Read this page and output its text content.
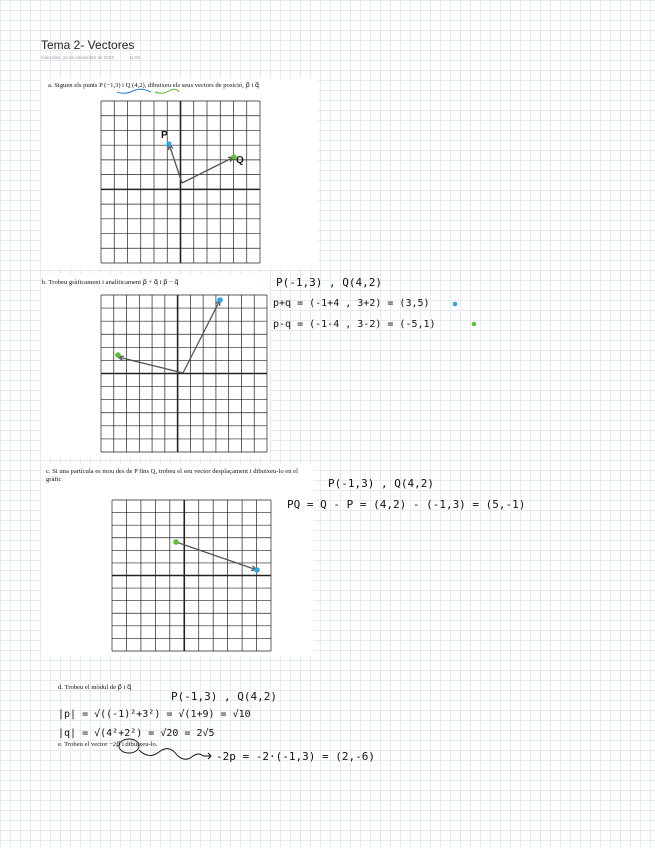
Tema 2- Vectores
miércoles, 15 de noviembre de 2023	11:03
a. Siguen els punts P (−1,3) i Q (4,2), dibuixeu els seus vectors de posició, p⃗ i q⃗
P
Q
b. Trobeu gràficament i analíticament p⃗ + q⃗ i p⃗ − q⃗	P(-1,3) , Q(4,2)
p+q = (-1+4 , 3+2) = (3,5)
p-q = (-1-4 , 3-2) = (-5,1)
c. Si una partícula es mou des de P fins Q, trobeu el seu vector desplaçament i dibuixeu-lo en el gràfic	P(-1,3) , Q(4,2)
PQ = Q - P = (4,2) - (-1,3) = (5,-1)
d. Trobeu el mòdul de p⃗ i q⃗
e. Trobeu el vector −2p⃗ i dibuixeu-lo.
P(-1,3) , Q(4,2)
|p| = √((-1)²+3²) = √(1+9) = √10
|q| = √(4²+2²) = √20 = 2√5
-2p = -2·(-1,3) = (2,-6)
